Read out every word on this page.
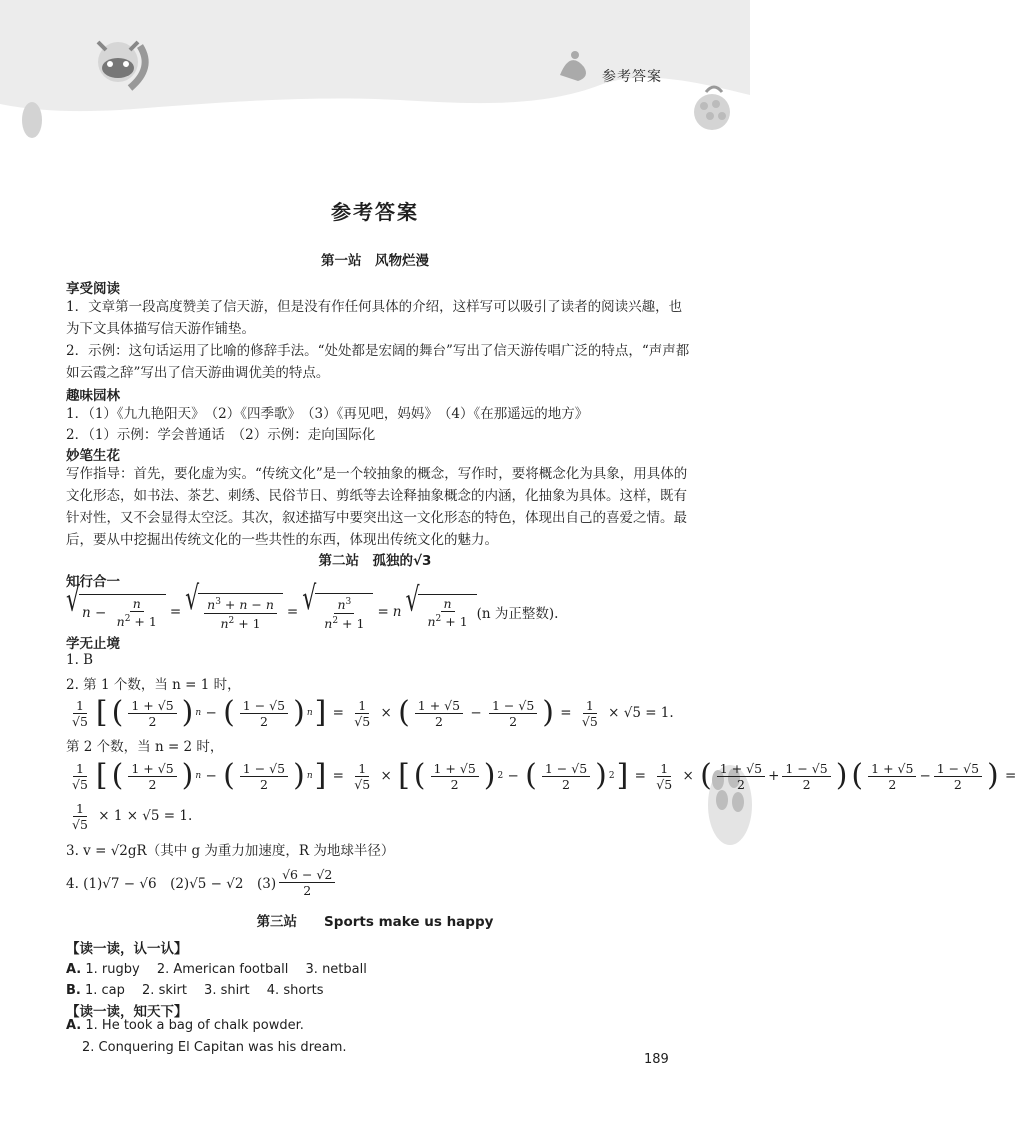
参考答案
参考答案
第一站　风物烂漫
享受阅读
1．文章第一段高度赞美了信天游，但是没有作任何具体的介绍，这样写可以吸引了读者的阅读兴趣，也为下文具体描写信天游作铺垫。
2．示例：这句话运用了比喻的修辞手法。“处处都是宏阔的舞台”写出了信天游传唱广泛的特点，“声声都如云霞之辞”写出了信天游曲调优美的特点。
趣味园林
1．（1）《九九艳阳天》　（2）《四季歌》　（3）《再见吧，妈妈》　（4）《在那遥远的地方》
2．（1）示例：学会普通话　（2）示例：走向国际化
妙笔生花
写作指导：首先，要化虚为实。“传统文化”是一个较抽象的概念，写作时，要将概念化为具象，用具体的文化形态，如书法、茶艺、刺绣、民俗节日、剪纸等去诠释抽象概念的内涵，化抽象为具体。这样，既有针对性，又不会显得太空泛。其次，叙述描写中要突出这一文化形态的特色，体现出自己的喜爱之情。最后，要从中挖掘出传统文化的一些共性的东西，体现出传统文化的魅力。
第二站　孤独的√3
知行合一
√ $n - \frac{n}{n^2 + 1}$ = √ $\frac{n^3 + n - n}{n^2 + 1}$ = √ $\frac{n^3}{n^2 + 1} = n$ √ $\frac{n}{n^2 + 1} (n$ 为正整数).
学无止境
1. B
2. 第 1 个数，当 n = 1 时，
$\frac{1}{√5}$ [ ( $\frac{1 + √5}{2}$ ) n − ( $\frac{1 - √5}{2}$ ) n ] = $\frac{1}{√5}$ × ( $\frac{1 + √5}{2} - \frac{1 - √5}{2}$ ) = $\frac{1}{√5} \times √5 = 1$.
第 2 个数，当 n = 2 时，
$\frac{1}{√5}$ [ ( $\frac{1 + √5}{2}$ ) n − ( $\frac{1 - √5}{2}$ ) n ] = $\frac{1}{√5}$ × [ ( $\frac{1 + √5}{2}$ ) 2 − ( $\frac{1 - √5}{2}$ ) 2 ] = $\frac{1}{√5}$ × ( $\frac{1 + √5}{2} + \frac{1 - √5}{2}$ ) ( $\frac{1 + √5}{2} - \frac{1 - √5}{2}$ ) =
$\frac{1}{√5} \times 1 \times √5 = 1$.
3. v = √2gR（其中 g 为重力加速度，R 为地球半径）
4. (1)√7 − √6　(2)√5 − √2　$(3) \frac{√6 - √2}{2}$
第三站　　Sports make us happy
【读一读，认一认】
A. 1. rugby　 2. American football　 3. netball
B. 1. cap　 2. skirt　 3. shirt　 4. shorts
【读一读，知天下】
A. 1. He took a bag of chalk powder.
2. Conquering El Capitan was his dream.
189
